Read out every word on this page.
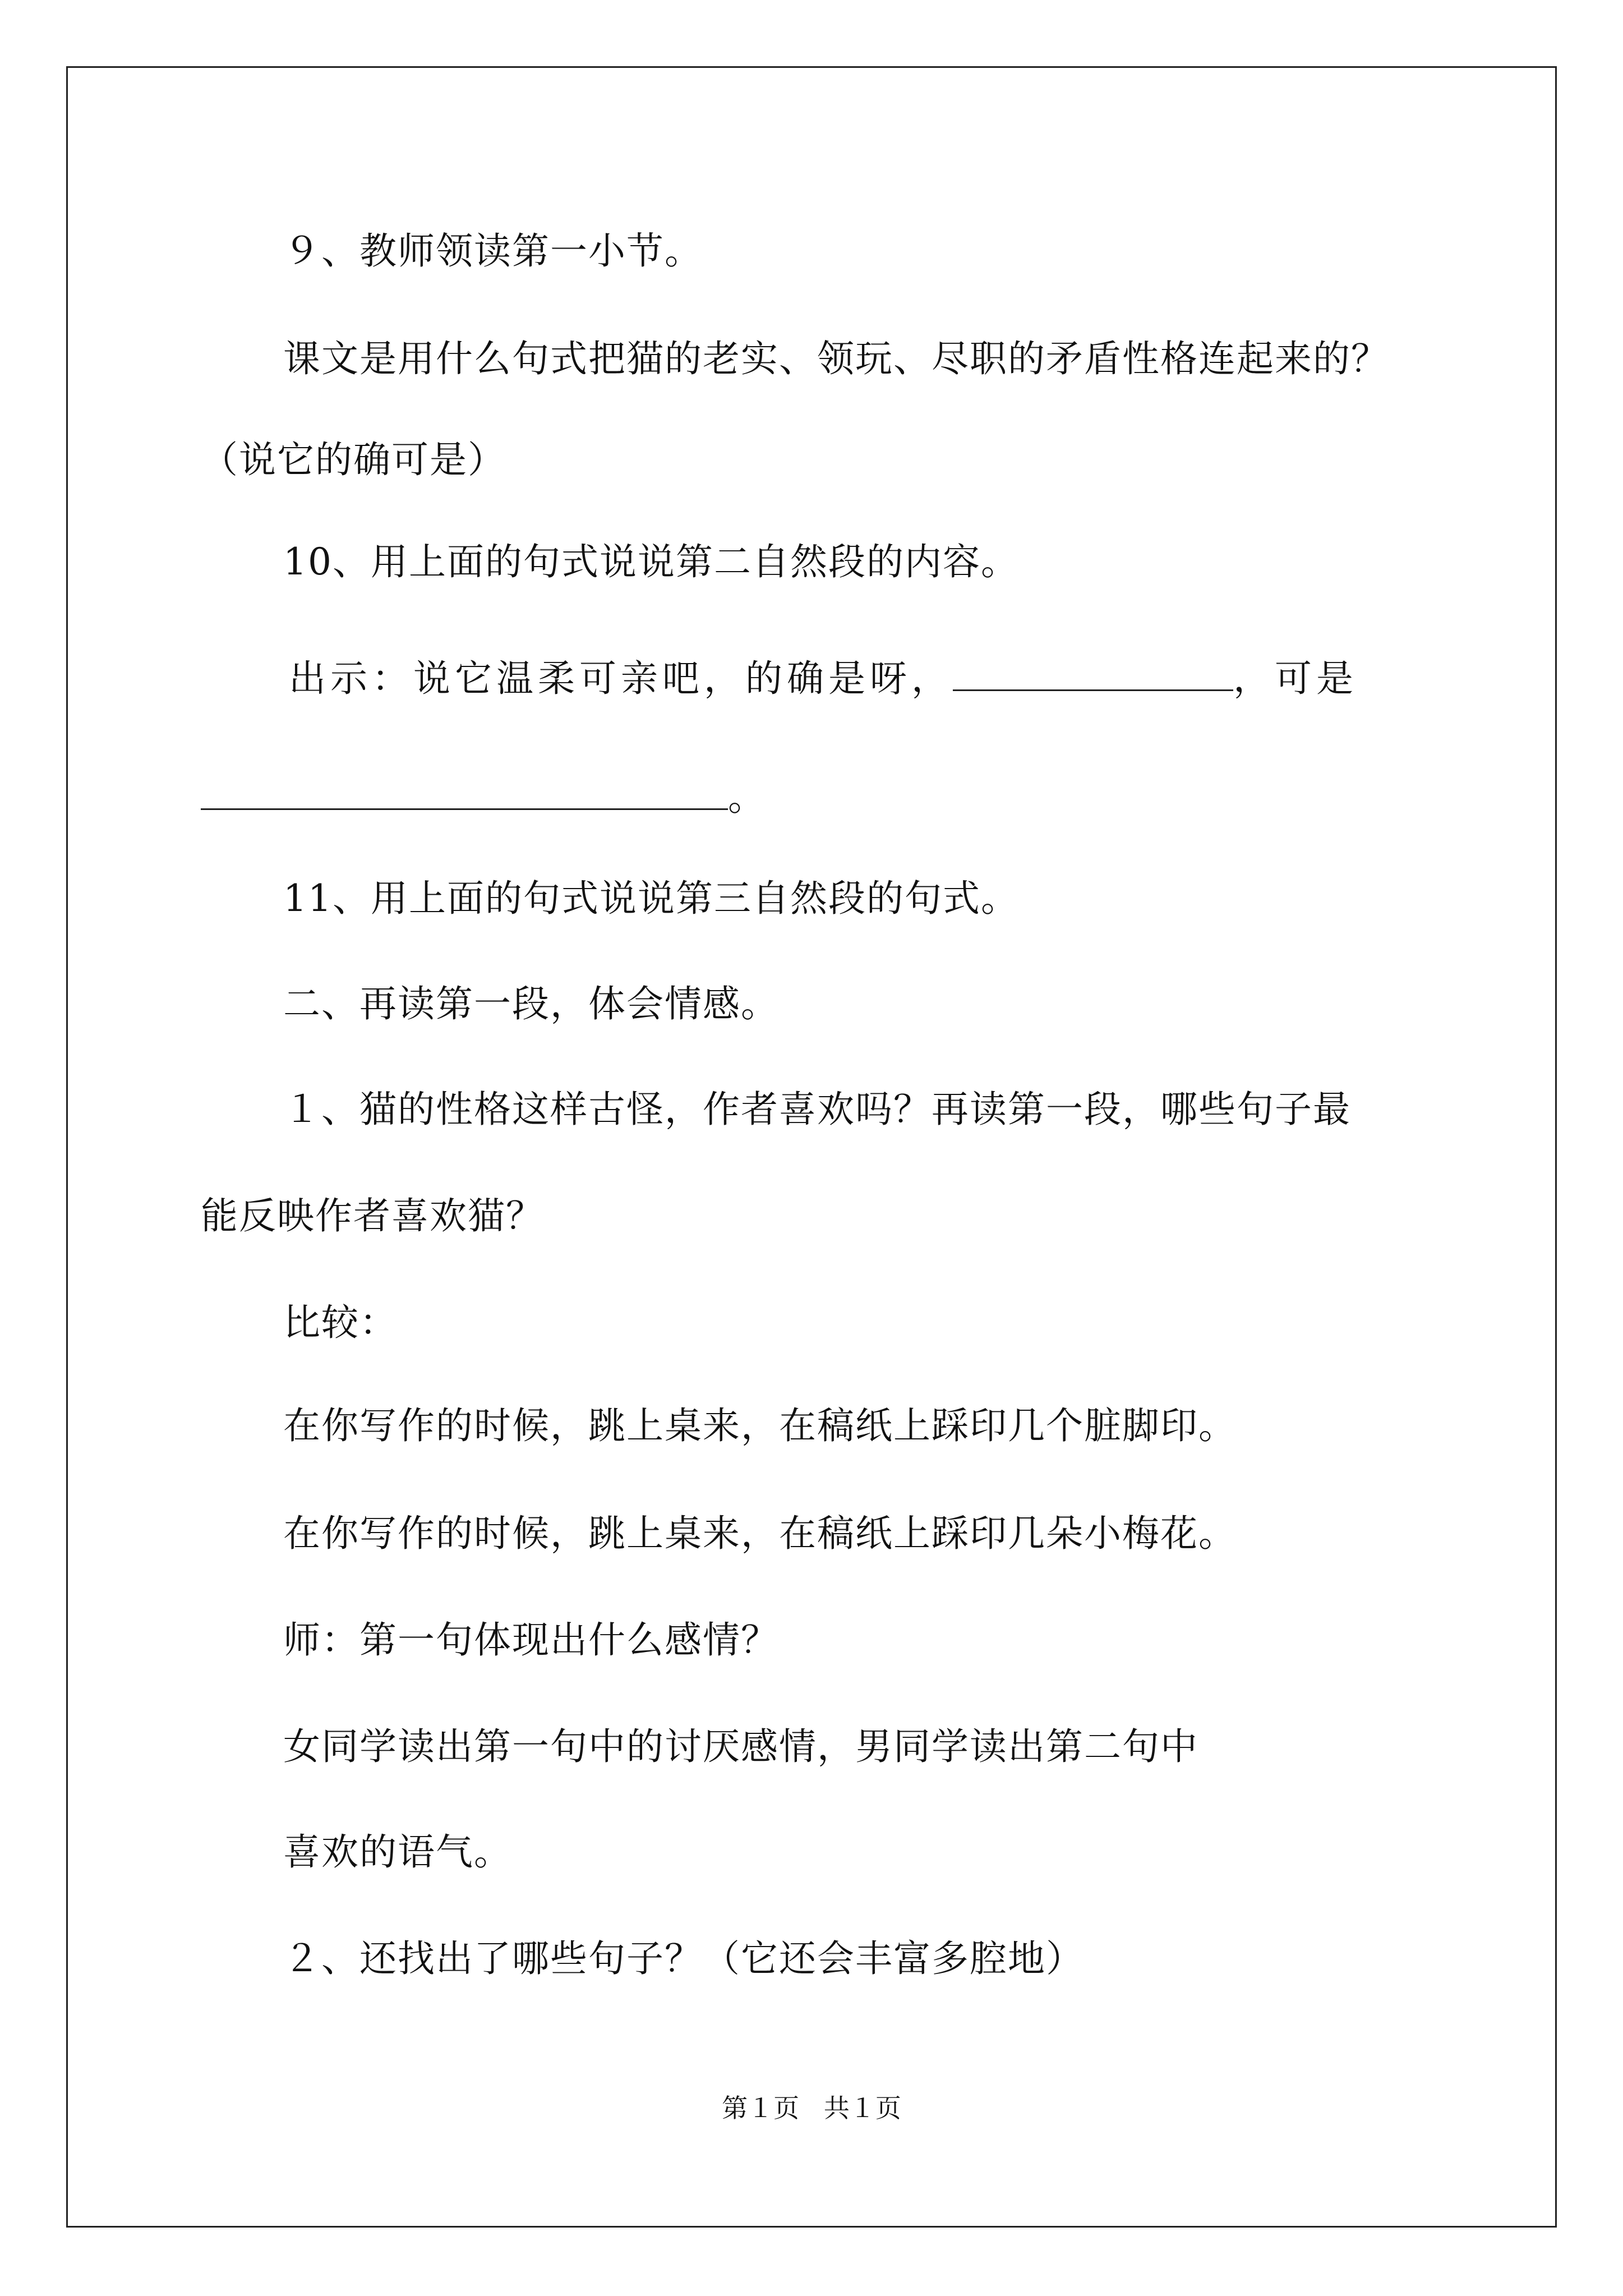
９、教师领读第一小节。
课文是用什么句式把猫的老实、领玩、尽职的矛盾性格连起来的？
（说它的确可是）
10、用上面的句式说说第二自然段的内容。
出示：说它温柔可亲吧，的确是呀，	，可是
。
11、用上面的句式说说第三自然段的句式。
二、再读第一段，体会情感。
１、猫的性格这样古怪，作者喜欢吗？再读第一段，哪些句子最
能反映作者喜欢猫？
比较：
在你写作的时候，跳上桌来，在稿纸上踩印几个脏脚印。
在你写作的时候，跳上桌来，在稿纸上踩印几朵小梅花。
师：第一句体现出什么感情？
女同学读出第一句中的讨厌感情，男同学读出第二句中
喜欢的语气。
２、还找出了哪些句子？（它还会丰富多腔地）
第１页   共１页
